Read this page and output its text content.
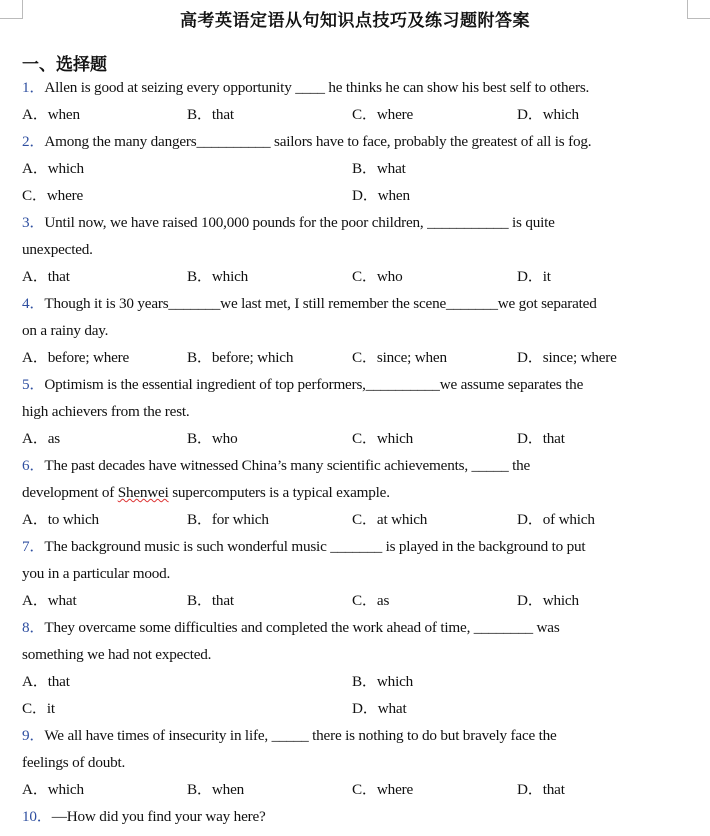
高考英语定语从句知识点技巧及练习题附答案
一、选择题
1．Allen is good at seizing every opportunity ____ he thinks he can show his best self to others.
A．when	B．that	C．where	D．which
2．Among the many dangers__________ sailors have to face, probably the greatest of all is fog.
A．which	B．what
C．where	D．when
3．Until now, we have raised 100,000 pounds for the poor children, ___________ is quite
unexpected.
A．that	B．which	C．who	D．it
4．Though it is 30 years_______we last met, I still remember the scene_______we got separated
on a rainy day.
A．before; where	B．before; which	C．since; when	D．since; where
5．Optimism is the essential ingredient of top performers,__________we assume separates the
high achievers from the rest.
A．as	B．who	C．which	D．that
6．The past decades have witnessed China’s many scientific achievements, _____ the
development of Shenwei supercomputers is a typical example.
A．to which	B．for which	C．at which	D．of which
7．The background music is such wonderful music _______ is played in the background to put
you in a particular mood.
A．what	B．that	C．as	D．which
8．They overcame some difficulties and completed the work ahead of time, ________ was
something we had not expected.
A．that	B．which
C．it	D．what
9．We all have times of insecurity in life, _____ there is nothing to do but bravely face the
feelings of doubt.
A．which	B．when	C．where	D．that
10．—How did you find your way here?
